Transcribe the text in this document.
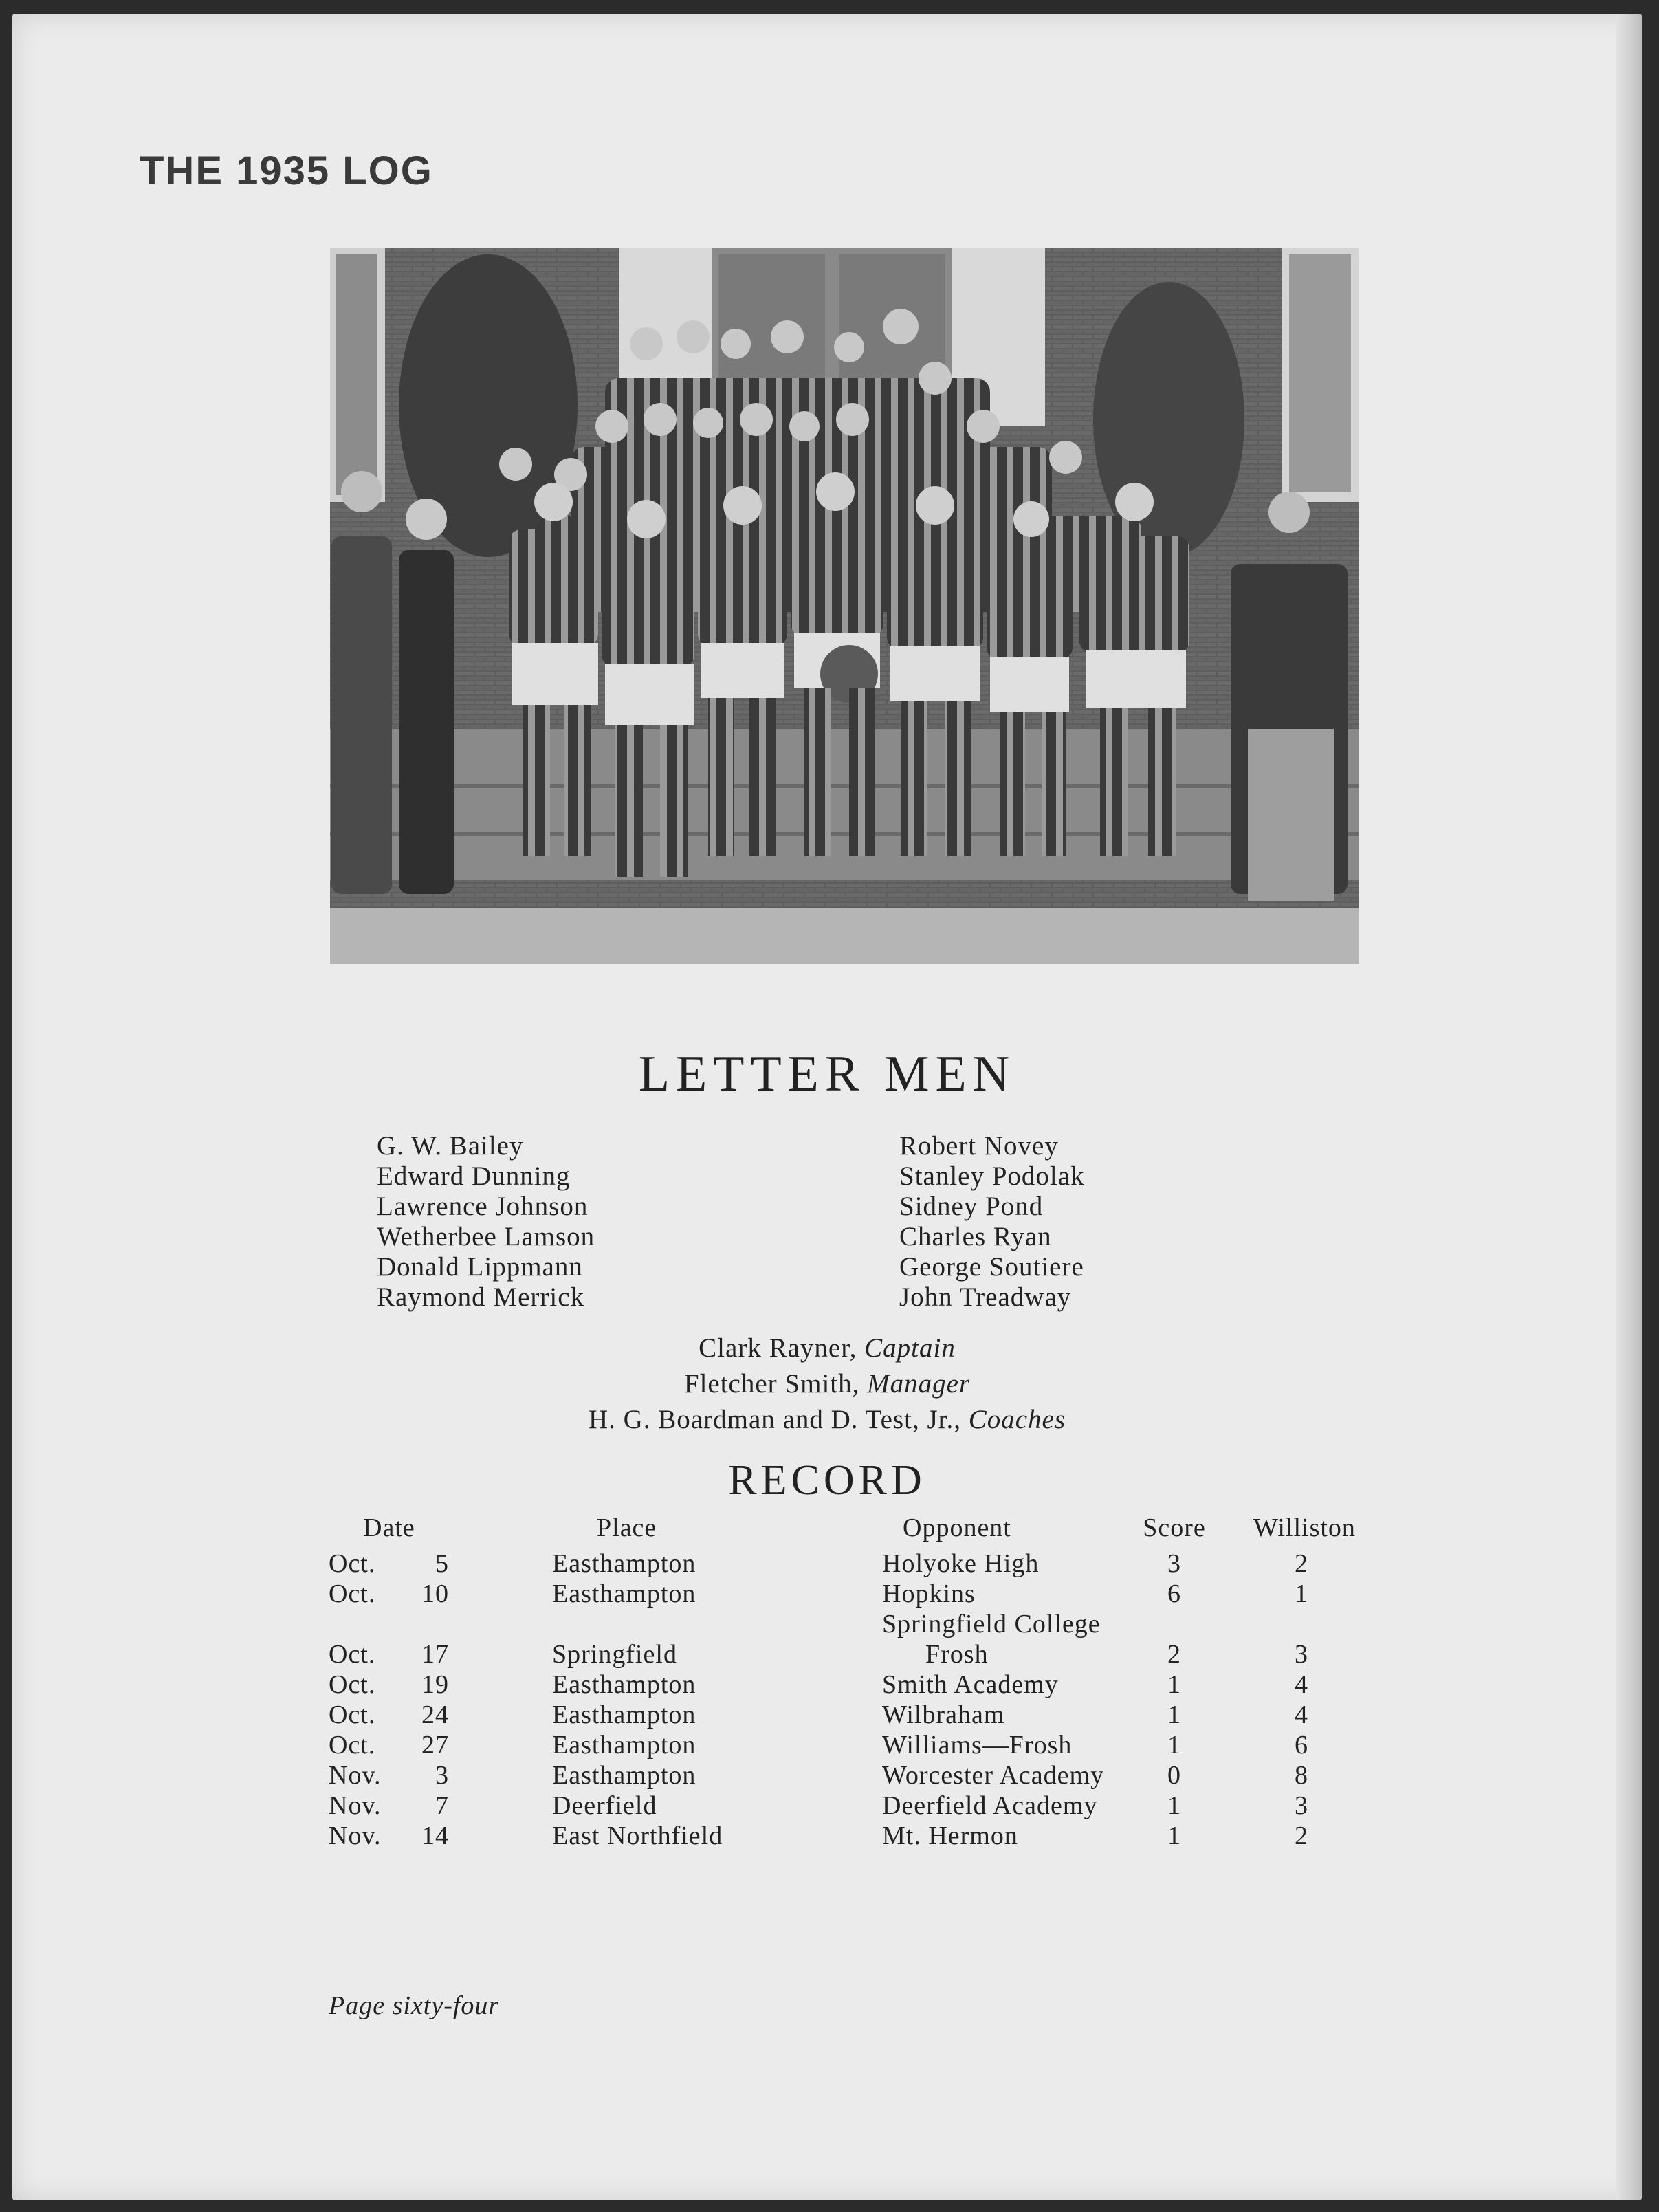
THE 1935 LOG
LETTER MEN
G. W. Bailey
Edward Dunning
Lawrence Johnson
Wetherbee Lamson
Donald Lippmann
Raymond Merrick
Robert Novey
Stanley Podolak
Sidney Pond
Charles Ryan
George Soutiere
John Treadway
Clark Rayner, Captain
Fletcher Smith, Manager
H. G. Boardman and D. Test, Jr., Coaches
RECORD
Date	Place	Opponent	Score Williston
Oct.	5	Easthampton	Holyoke High	3	2
Oct.	10	Easthampton	Hopkins	6	1
Springfield College
Oct.	17	Springfield	Frosh	2	3
Oct.	19	Easthampton	Smith Academy	1	4
Oct.	24	Easthampton	Wilbraham	1	4
Oct.	27	Easthampton	Williams—Frosh	1	6
Nov.	3	Easthampton	Worcester Academy	0	8
Nov.	7	Deerfield	Deerfield Academy	1	3
Nov.	14	East Northfield	Mt. Hermon	1	2
Page sixty-four
